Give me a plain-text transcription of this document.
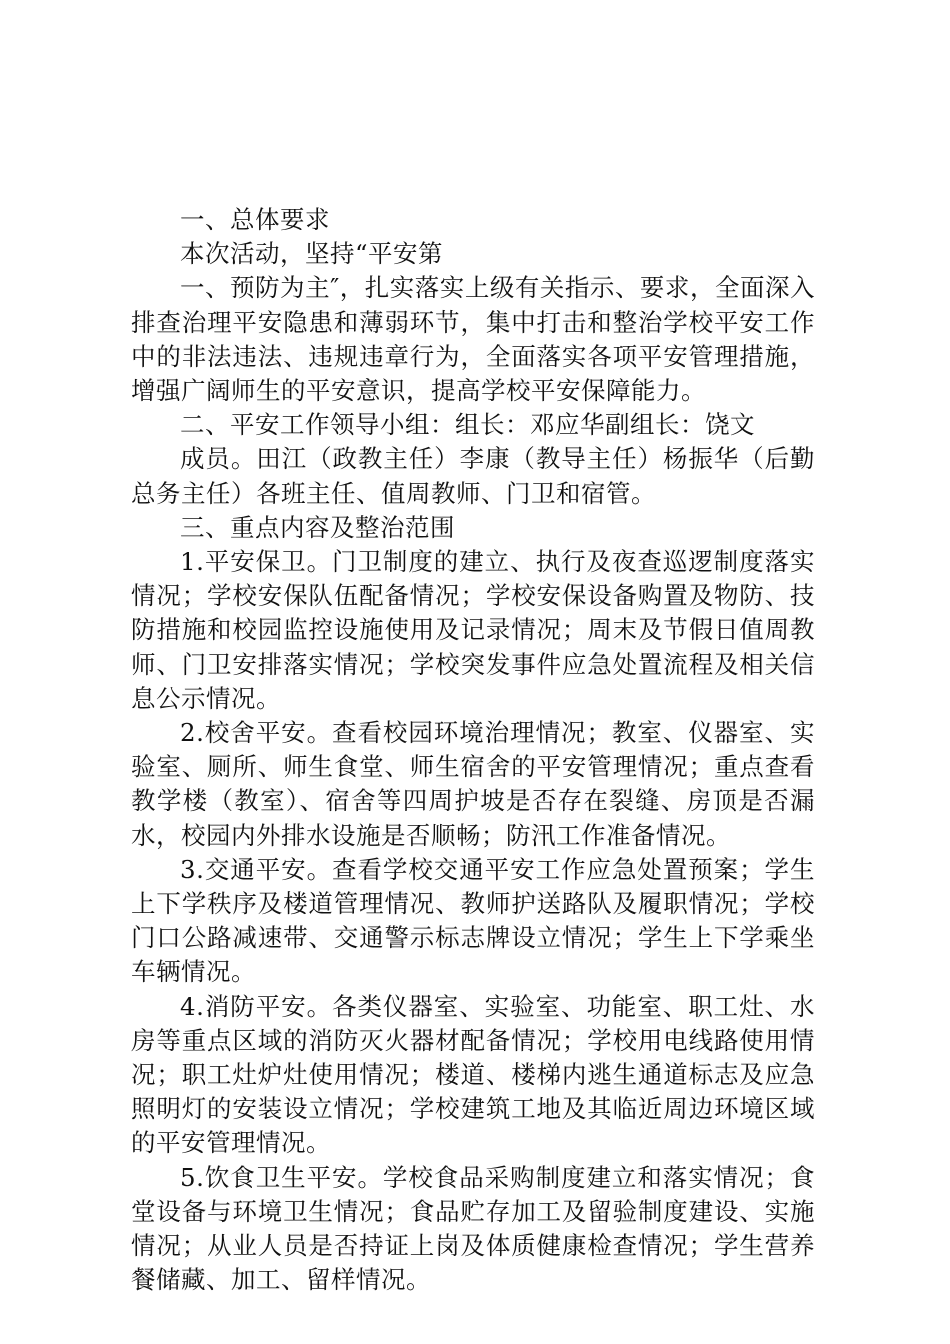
一、总体要求

本次活动，坚持“平安第

一、预防为主″，扎实落实上级有关指示、要求，全面深入排查治理平安隐患和薄弱环节，集中打击和整治学校平安工作中的非法违法、违规违章行为，全面落实各项平安管理措施，增强广阔师生的平安意识，提高学校平安保障能力。

二、平安工作领导小组：组长：邓应华副组长：饶文

成员。田江（政教主任）李康（教导主任）杨振华（后勤总务主任）各班主任、值周教师、门卫和宿管。

三、重点内容及整治范围

1.平安保卫。门卫制度的建立、执行及夜查巡逻制度落实情况；学校安保队伍配备情况；学校安保设备购置及物防、技防措施和校园监控设施使用及记录情况；周末及节假日值周教师、门卫安排落实情况；学校突发事件应急处置流程及相关信息公示情况。

2.校舍平安。查看校园环境治理情况；教室、仪器室、实验室、厕所、师生食堂、师生宿舍的平安管理情况；重点查看教学楼（教室）、宿舍等四周护坡是否存在裂缝、房顶是否漏水，校园内外排水设施是否顺畅；防汛工作准备情况。

3.交通平安。查看学校交通平安工作应急处置预案；学生上下学秩序及楼道管理情况、教师护送路队及履职情况；学校门口公路减速带、交通警示标志牌设立情况；学生上下学乘坐车辆情况。

4.消防平安。各类仪器室、实验室、功能室、职工灶、水房等重点区域的消防灭火器材配备情况；学校用电线路使用情况；职工灶炉灶使用情况；楼道、楼梯内逃生通道标志及应急照明灯的安装设立情况；学校建筑工地及其临近周边环境区域的平安管理情况。

5.饮食卫生平安。学校食品采购制度建立和落实情况；食堂设备与环境卫生情况；食品贮存加工及留验制度建设、实施情况；从业人员是否持证上岗及体质健康检查情况；学生营养餐储藏、加工、留样情况。
